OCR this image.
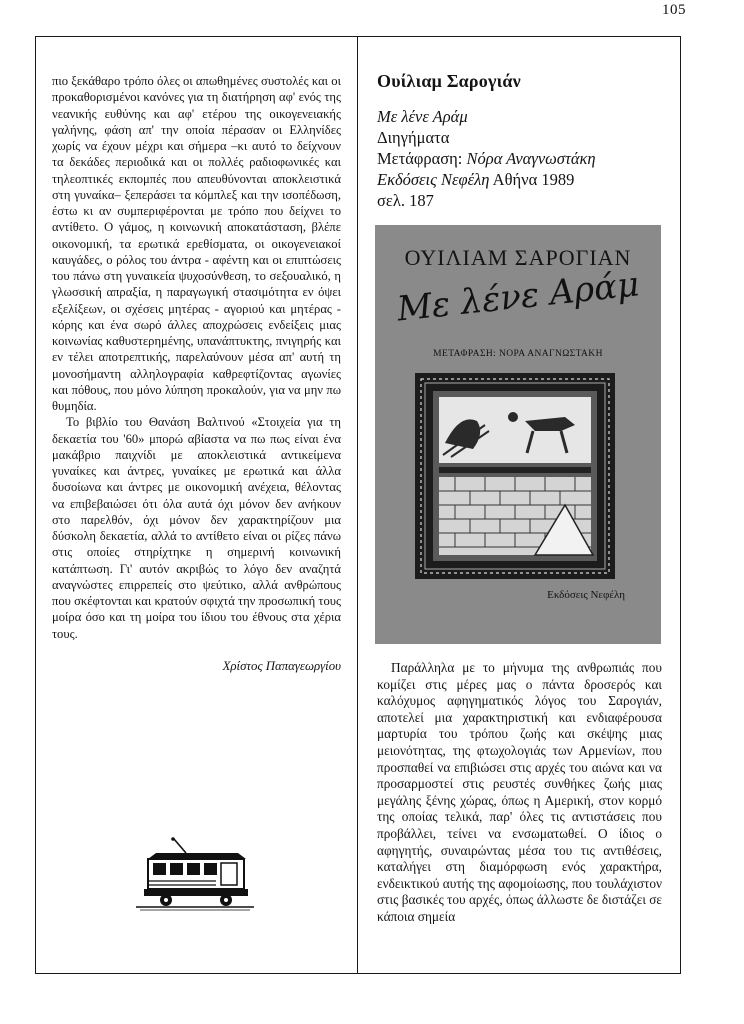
105

πιο ξεκάθαρο τρόπο όλες οι απωθημένες συστολές και οι προκαθορισμένοι κανόνες για τη διατήρηση αφ' ενός της νεανικής ευθύνης και αφ' ετέρου της οικογενειακής γαλήνης, φάση απ' την οποία πέρασαν οι Ελληνίδες χωρίς να έχουν μέχρι και σήμερα –κι αυτό το δείχνουν τα δεκάδες περιοδικά και οι πολλές ραδιοφωνικές και τηλεοπτικές εκπομπές που απευθύνονται αποκλειστικά στη γυναίκα– ξεπεράσει τα κόμπλεξ και την ισοπέδωση, έστω κι αν συμπεριφέρονται με τρόπο που δείχνει το αντίθετο. Ο γάμος, η κοινωνική αποκατάσταση, βλέπε οικονομική, τα ερωτικά ερεθίσματα, οι οικογενειακοί καυγάδες, ο ρόλος του άντρα - αφέντη και οι επιπτώσεις του πάνω στη γυναικεία ψυχοσύνθεση, το σεξουαλικό, η γλωσσική απραξία, η παραγωγική στασιμότητα εν όψει εξελίξεων, οι σχέσεις μητέρας - αγοριού και μητέρας - κόρης και ένα σωρό άλλες αποχρώσεις ενδείξεις μιας κοινωνίας καθυστερημένης, υπανάπτυκτης, πνιγηρής και εν τέλει αποτρεπτικής, παρελαύνουν μέσα απ' αυτή τη μονοσήμαντη αλληλογραφία καθρεφτίζοντας αγωνίες και πόθους, που μόνο λύπηση προκαλούν, για να μην πω θυμηδία.

Το βιβλίο του Θανάση Βαλτινού «Στοιχεία για τη δεκαετία του '60» μπορώ αβίαστα να πω πως είναι ένα μακάβριο παιχνίδι με αποκλειστικά αντικείμενα γυναίκες και άντρες, γυναίκες με ερωτικά και άλλα δυσοίωνα και άντρες με οικονομική ανέχεια, θέλοντας να επιβεβαιώσει ότι όλα αυτά όχι μόνον δεν ανήκουν στο παρελθόν, όχι μόνον δεν χαρακτηρίζουν μια δύσκολη δεκαετία, αλλά το αντίθετο είναι οι ρίζες πάνω στις οποίες στηρίχτηκε η σημερινή κοινωνική κατάπτωση. Γι' αυτόν ακριβώς το λόγο δεν αναζητά αναγνώστες επιρρεπείς στο ψεύτικο, αλλά ανθρώπους που σκέφτονται και κρατούν σφιχτά την προσωπική τους μοίρα όσο και τη μοίρα του ίδιου του έθνους στα χέρια τους.

Χρίστος Παπαγεωργίου
Ουίλιαμ Σαρογιάν
Με λένε Αράμ
Διηγήματα
Μετάφραση: Νόρα Αναγνωστάκη
Εκδόσεις Νεφέλη Αθήνα 1989
σελ. 187
ΟΥΙΛΙΑΜ ΣΑΡΟΓΙΑΝ
Με λένε Αράμ
ΜΕΤΑΦΡΑΣΗ: ΝΟΡΑ ΑΝΑΓΝΩΣΤΑΚΗ
Εκδόσεις Νεφέλη

Παράλληλα με το μήνυμα της ανθρωπιάς που κομίζει στις μέρες μας ο πάντα δροσερός και καλόχυμος αφηγηματικός λόγος του Σαρογιάν, αποτελεί μια χαρακτηριστική και ενδιαφέρουσα μαρτυρία του τρόπου ζωής και σκέψης μιας μειονότητας, της φτωχολογιάς των Αρμενίων, που προσπαθεί να επιβιώσει στις αρχές του αιώνα και να προσαρμοστεί στις ρευστές συνθήκες ζωής μιας μεγάλης ξένης χώρας, όπως η Αμερική, στον κορμό της οποίας τελικά, παρ' όλες τις αντιστάσεις που προβάλλει, τείνει να ενσωματωθεί. Ο ίδιος ο αφηγητής, συναιρώντας μέσα του τις αντιθέσεις, καταλήγει στη διαμόρφωση ενός χαρακτήρα, ενδεικτικού αυτής της αφομοίωσης, που τουλάχιστον στις βασικές του αρχές, όπως άλλωστε δε διστάζει σε κάποια σημεία
